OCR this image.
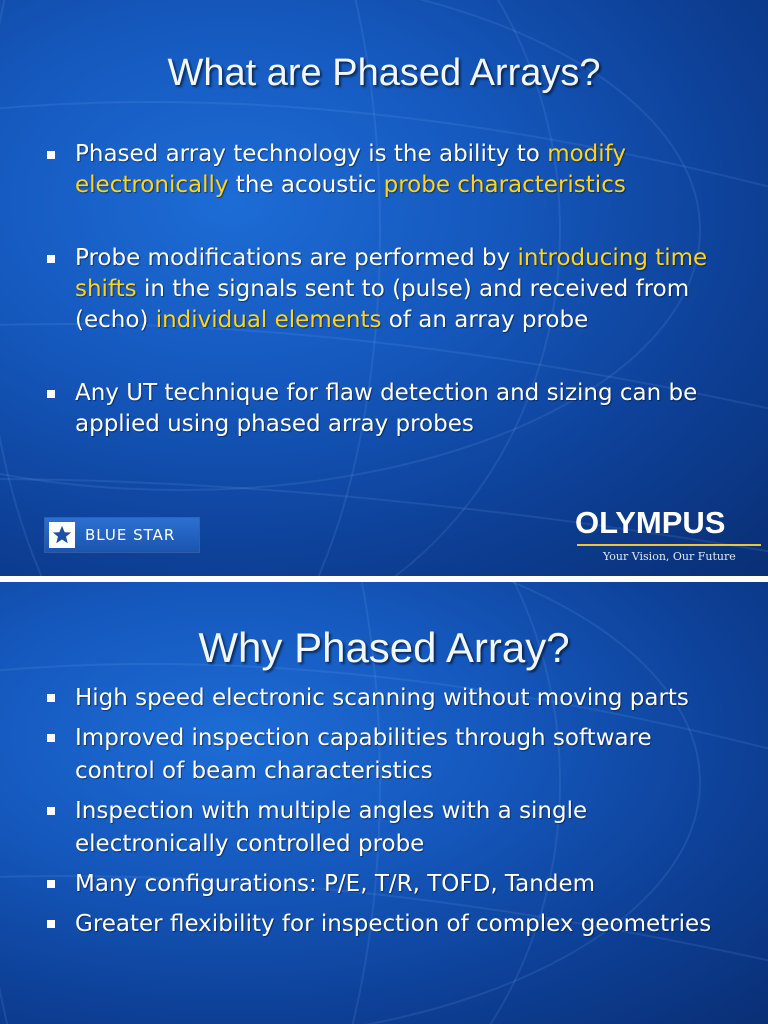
What are Phased Arrays?
Phased array technology is the ability to modify electronically the acoustic probe characteristics
Probe modifications are performed by introducing time shifts in the signals sent to (pulse) and received from (echo) individual elements of an array probe
Any UT technique for flaw detection and sizing can be applied using phased array probes
BLUE STAR	OLYMPUS
Your Vision, Our Future
Why Phased Array?
High speed electronic scanning without moving parts
Improved inspection capabilities through software control of beam characteristics
Inspection with multiple angles with a single electronically controlled probe
Many configurations: P/E, T/R, TOFD, Tandem
Greater flexibility for inspection of complex geometries
